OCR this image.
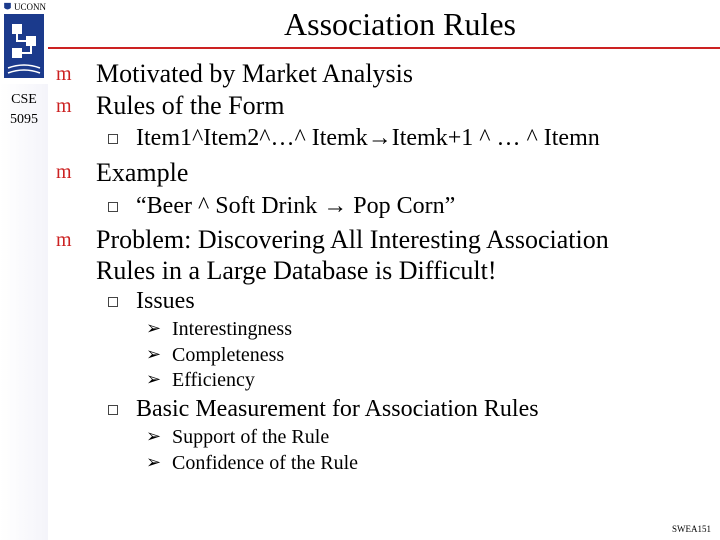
UCONN
CSE
5095
Association Rules
m Motivated by Market Analysis
m Rules of the Form
Item1^Item2^…^ Itemk→Itemk+1 ^ … ^ Itemn
m Example
“Beer ^ Soft Drink → Pop Corn”
m Problem: Discovering All Interesting Association
Rules in a Large Database is Difficult!
Issues
➢ Interestingness
➢ Completeness
➢ Efficiency
Basic Measurement for Association Rules
➢ Support of the Rule
➢ Confidence of the Rule
SWEA151
